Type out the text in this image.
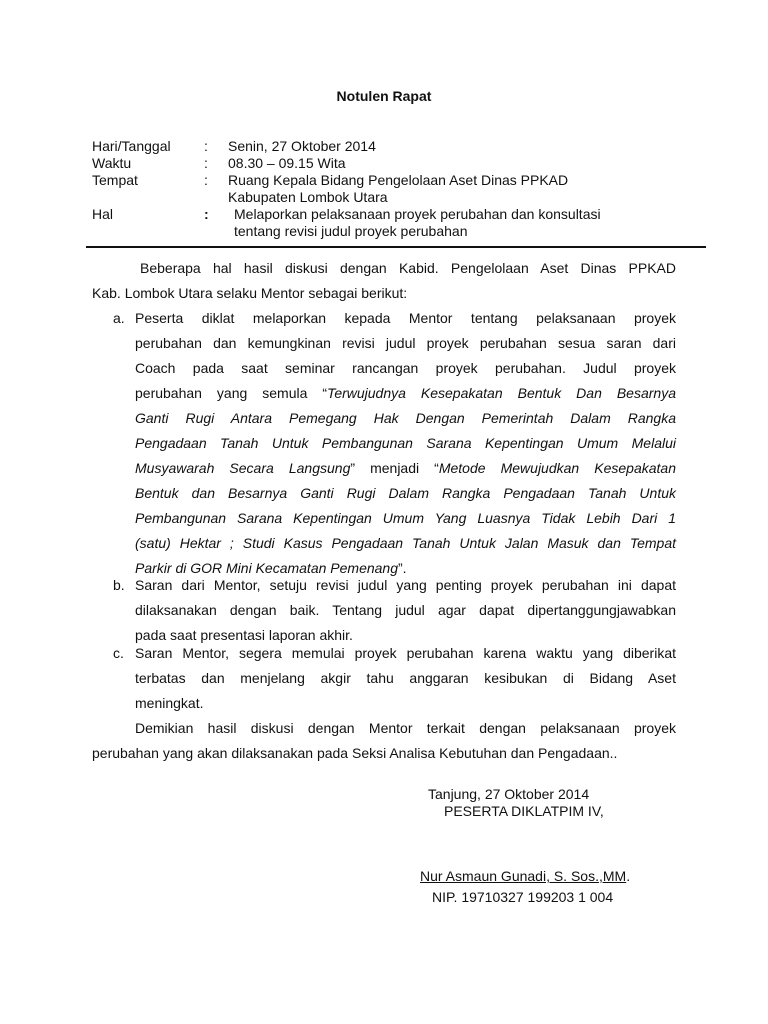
Notulen Rapat
Hari/Tanggal : Senin, 27 Oktober 2014
Waktu	: 08.30 – 09.15 Wita
Tempat	: Ruang Kepala Bidang Pengelolaan Aset Dinas PPKAD
Kabupaten Lombok Utara
Hal	: Melaporkan pelaksanaan proyek perubahan dan konsultasi
tentang revisi judul proyek perubahan

Beberapa hal hasil diskusi dengan Kabid. Pengelolaan Aset Dinas PPKAD
Kab. Lombok Utara selaku Mentor sebagai berikut:

a. Peserta diklat melaporkan kepada Mentor tentang pelaksanaan proyek
perubahan dan kemungkinan revisi judul proyek perubahan sesua saran dari
Coach pada saat seminar rancangan proyek perubahan. Judul proyek
perubahan yang semula “Terwujudnya Kesepakatan Bentuk Dan Besarnya
Ganti Rugi Antara Pemegang Hak Dengan Pemerintah Dalam Rangka
Pengadaan Tanah Untuk Pembangunan Sarana Kepentingan Umum Melalui
Musyawarah Secara Langsung” menjadi “Metode Mewujudkan Kesepakatan
Bentuk dan Besarnya Ganti Rugi Dalam Rangka Pengadaan Tanah Untuk
Pembangunan Sarana Kepentingan Umum Yang Luasnya Tidak Lebih Dari 1
(satu) Hektar ; Studi Kasus Pengadaan Tanah Untuk Jalan Masuk dan Tempat
Parkir di GOR Mini Kecamatan Pemenang”.
b. Saran dari Mentor, setuju revisi judul yang penting proyek perubahan ini dapat
dilaksanakan dengan baik. Tentang judul agar dapat dipertanggungjawabkan
pada saat presentasi laporan akhir.
c. Saran Mentor, segera memulai proyek perubahan karena waktu yang diberikat
terbatas dan menjelang akgir tahu anggaran kesibukan di Bidang Aset
meningkat.

Demikian hasil diskusi dengan Mentor terkait dengan pelaksanaan proyek
perubahan yang akan dilaksanakan pada Seksi Analisa Kebutuhan dan Pengadaan..

Tanjung, 27 Oktober 2014
PESERTA DIKLATPIM IV,
Nur Asmaun Gunadi, S. Sos.,MM.
NIP. 19710327 199203 1 004
